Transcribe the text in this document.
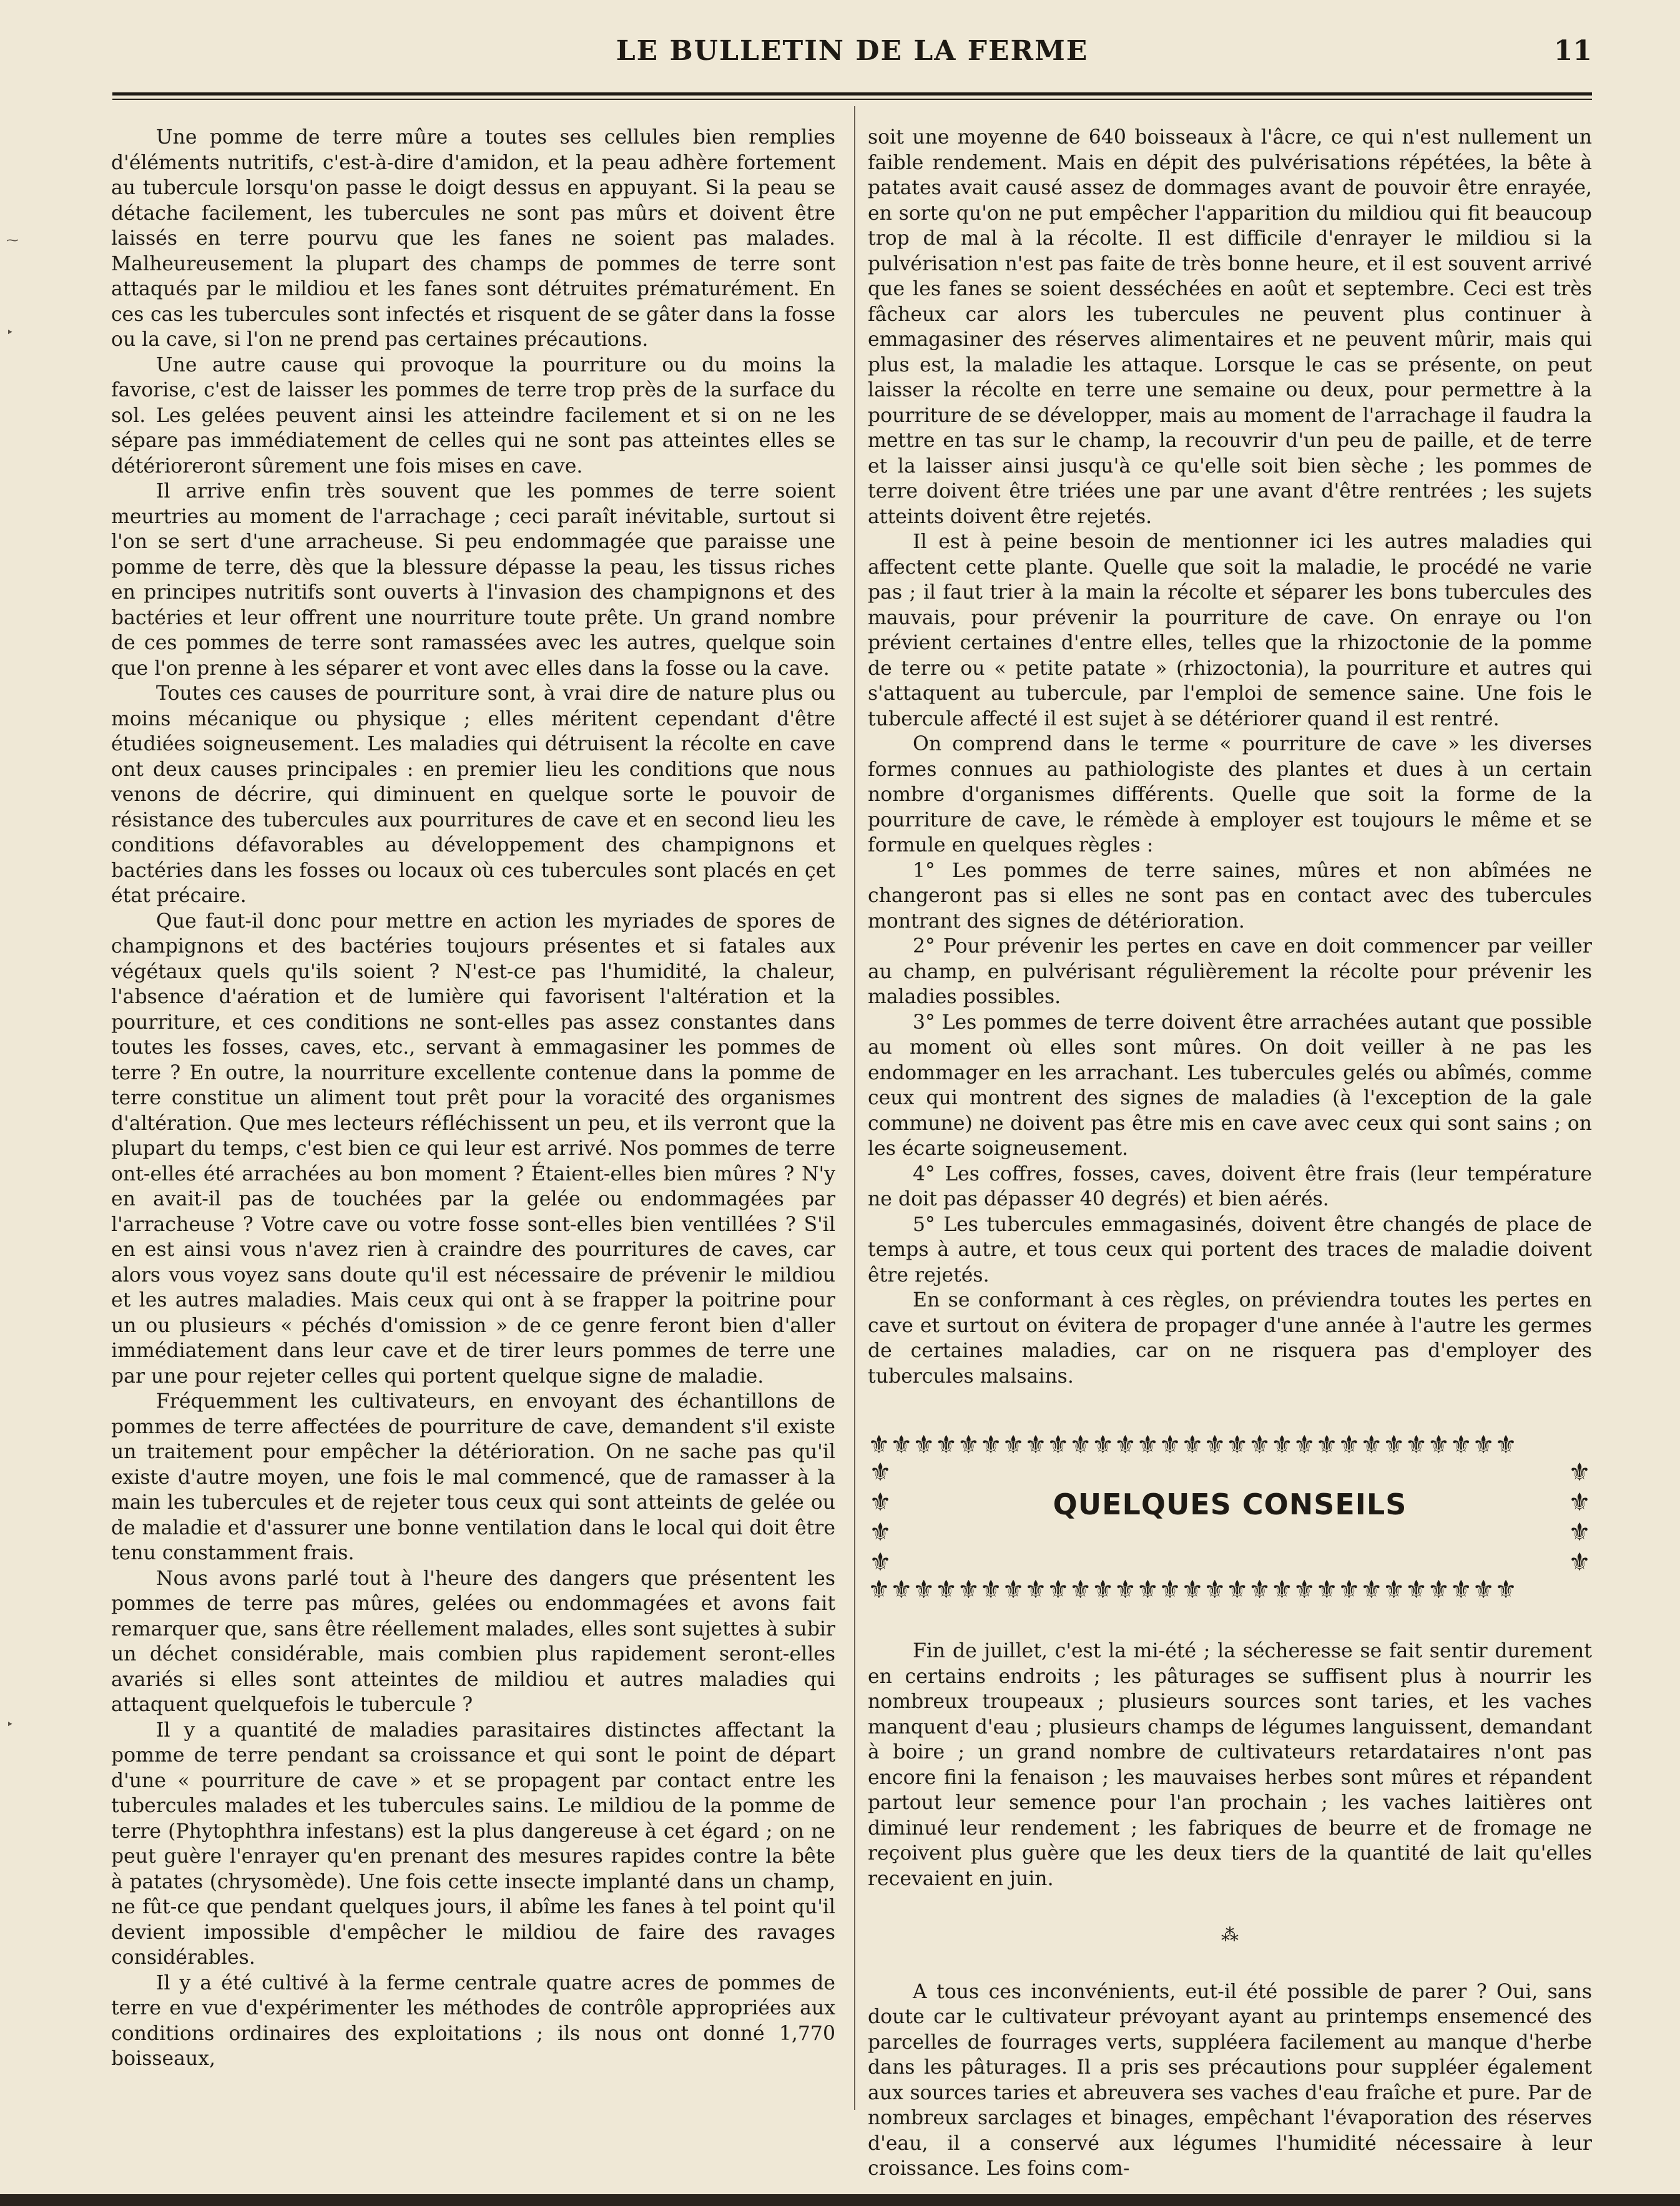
LE BULLETIN DE LA FERME	11

Une pomme de terre mûre a toutes ses cellules bien remplies d'éléments nutritifs, c'est-à-dire d'amidon, et la peau adhère fortement au tubercule lorsqu'on passe le doigt dessus en appuyant. Si la peau se détache facilement, les tubercules ne sont pas mûrs et doivent être laissés en terre pourvu que les fanes ne soient pas malades. Malheureusement la plupart des champs de pommes de terre sont attaqués par le mildiou et les fanes sont détruites prématurément. En ces cas les tubercules sont infectés et risquent de se gâter dans la fosse ou la cave, si l'on ne prend pas certaines précautions.

Une autre cause qui provoque la pourriture ou du moins la favorise, c'est de laisser les pommes de terre trop près de la surface du sol. Les gelées peuvent ainsi les atteindre facilement et si on ne les sépare pas immédiatement de celles qui ne sont pas atteintes elles se détérioreront sûrement une fois mises en cave.

Il arrive enfin très souvent que les pommes de terre soient meurtries au moment de l'arrachage ; ceci paraît inévitable, surtout si l'on se sert d'une arracheuse. Si peu endommagée que paraisse une pomme de terre, dès que la blessure dépasse la peau, les tissus riches en principes nutritifs sont ouverts à l'invasion des champignons et des bactéries et leur offrent une nourriture toute prête. Un grand nombre de ces pommes de terre sont ramassées avec les autres, quelque soin que l'on prenne à les séparer et vont avec elles dans la fosse ou la cave.

Toutes ces causes de pourriture sont, à vrai dire de nature plus ou moins mécanique ou physique ; elles méritent cependant d'être étudiées soigneusement. Les maladies qui détruisent la récolte en cave ont deux causes principales : en premier lieu les conditions que nous venons de décrire, qui diminuent en quelque sorte le pouvoir de résistance des tubercules aux pourritures de cave et en second lieu les conditions défavorables au développement des champignons et bactéries dans les fosses ou locaux où ces tubercules sont placés en çet état précaire.

Que faut-il donc pour mettre en action les myriades de spores de champignons et des bactéries toujours présentes et si fatales aux végétaux quels qu'ils soient ? N'est-ce pas l'humidité, la chaleur, l'absence d'aération et de lumière qui favorisent l'altération et la pourriture, et ces conditions ne sont-elles pas assez constantes dans toutes les fosses, caves, etc., servant à emmagasiner les pommes de terre ? En outre, la nourriture excellente contenue dans la pomme de terre constitue un aliment tout prêt pour la voracité des organismes d'altération. Que mes lecteurs réfléchissent un peu, et ils verront que la plupart du temps, c'est bien ce qui leur est arrivé. Nos pommes de terre ont-elles été arrachées au bon moment ? Étaient-elles bien mûres ? N'y en avait-il pas de touchées par la gelée ou endommagées par l'arracheuse ? Votre cave ou votre fosse sont-elles bien ventillées ? S'il en est ainsi vous n'avez rien à craindre des pourritures de caves, car alors vous voyez sans doute qu'il est nécessaire de prévenir le mildiou et les autres maladies. Mais ceux qui ont à se frapper la poitrine pour un ou plusieurs « péchés d'omission » de ce genre feront bien d'aller immédiatement dans leur cave et de tirer leurs pommes de terre une par une pour rejeter celles qui portent quelque signe de maladie.

Fréquemment les cultivateurs, en envoyant des échantillons de pommes de terre affectées de pourriture de cave, demandent s'il existe un traitement pour empêcher la détérioration. On ne sache pas qu'il existe d'autre moyen, une fois le mal commencé, que de ramasser à la main les tubercules et de rejeter tous ceux qui sont atteints de gelée ou de maladie et d'assurer une bonne ventilation dans le local qui doit être tenu constamment frais.

Nous avons parlé tout à l'heure des dangers que présentent les pommes de terre pas mûres, gelées ou endommagées et avons fait remarquer que, sans être réellement malades, elles sont sujettes à subir un déchet considérable, mais combien plus rapidement seront-elles avariés si elles sont atteintes de mildiou et autres maladies qui attaquent quelquefois le tubercule ?

Il y a quantité de maladies parasitaires distinctes affectant la pomme de terre pendant sa croissance et qui sont le point de départ d'une « pourriture de cave » et se propagent par contact entre les tubercules malades et les tubercules sains. Le mildiou de la pomme de terre (Phytophthra infestans) est la plus dangereuse à cet égard ; on ne peut guère l'enrayer qu'en prenant des mesures rapides contre la bête à patates (chrysomède). Une fois cette insecte implanté dans un champ, ne fût-ce que pendant quelques jours, il abîme les fanes à tel point qu'il devient impossible d'empêcher le mildiou de faire des ravages considérables.

Il y a été cultivé à la ferme centrale quatre acres de pommes de terre en vue d'expérimenter les méthodes de contrôle appropriées aux conditions ordinaires des exploitations ; ils nous ont donné 1,770 boisseaux,

soit une moyenne de 640 boisseaux à l'âcre, ce qui n'est nullement un faible rendement. Mais en dépit des pulvérisations répétées, la bête à patates avait causé assez de dommages avant de pouvoir être enrayée, en sorte qu'on ne put empêcher l'apparition du mildiou qui fit beaucoup trop de mal à la récolte. Il est difficile d'enrayer le mildiou si la pulvérisation n'est pas faite de très bonne heure, et il est souvent arrivé que les fanes se soient desséchées en août et septembre. Ceci est très fâcheux car alors les tubercules ne peuvent plus continuer à emmagasiner des réserves alimentaires et ne peuvent mûrir, mais qui plus est, la maladie les attaque. Lorsque le cas se présente, on peut laisser la récolte en terre une semaine ou deux, pour permettre à la pourriture de se développer, mais au moment de l'arrachage il faudra la mettre en tas sur le champ, la recouvrir d'un peu de paille, et de terre et la laisser ainsi jusqu'à ce qu'elle soit bien sèche ; les pommes de terre doivent être triées une par une avant d'être rentrées ; les sujets atteints doivent être rejetés.

Il est à peine besoin de mentionner ici les autres maladies qui affectent cette plante. Quelle que soit la maladie, le procédé ne varie pas ; il faut trier à la main la récolte et séparer les bons tubercules des mauvais, pour prévenir la pourriture de cave. On enraye ou l'on prévient certaines d'entre elles, telles que la rhizoctonie de la pomme de terre ou « petite patate » (rhizoctonia), la pourriture et autres qui s'attaquent au tubercule, par l'emploi de semence saine. Une fois le tubercule affecté il est sujet à se détériorer quand il est rentré.

On comprend dans le terme « pourriture de cave » les diverses formes connues au pathiologiste des plantes et dues à un certain nombre d'organismes différents. Quelle que soit la forme de la pourriture de cave, le rémède à employer est toujours le même et se formule en quelques règles :

1° Les pommes de terre saines, mûres et non abîmées ne changeront pas si elles ne sont pas en contact avec des tubercules montrant des signes de détérioration.

2° Pour prévenir les pertes en cave en doit commencer par veiller au champ, en pulvérisant régulièrement la récolte pour prévenir les maladies possibles.

3° Les pommes de terre doivent être arrachées autant que possible au moment où elles sont mûres. On doit veiller à ne pas les endommager en les arrachant. Les tubercules gelés ou abîmés, comme ceux qui montrent des signes de maladies (à l'exception de la gale commune) ne doivent pas être mis en cave avec ceux qui sont sains ; on les écarte soigneusement.

4° Les coffres, fosses, caves, doivent être frais (leur température ne doit pas dépasser 40 degrés) et bien aérés.

5° Les tubercules emmagasinés, doivent être changés de place de temps à autre, et tous ceux qui portent des traces de maladie doivent être rejetés.

En se conformant à ces règles, on préviendra toutes les pertes en cave et surtout on évitera de propager d'une année à l'autre les germes de certaines maladies, car on ne risquera pas d'employer des tubercules malsains.

⚜⚜⚜⚜⚜⚜⚜⚜⚜⚜⚜⚜⚜⚜⚜⚜⚜⚜⚜⚜⚜⚜⚜⚜⚜⚜⚜⚜⚜
⚜
⚜
⚜
⚜
⚜
⚜
⚜
⚜
⚜⚜⚜⚜⚜⚜⚜⚜⚜⚜⚜⚜⚜⚜⚜⚜⚜⚜⚜⚜⚜⚜⚜⚜⚜⚜⚜⚜⚜
QUELQUES CONSEILS

Fin de juillet, c'est la mi-été ; la sécheresse se fait sentir durement en certains endroits ; les pâturages se suffisent plus à nourrir les nombreux troupeaux ; plusieurs sources sont taries, et les vaches manquent d'eau ; plusieurs champs de légumes languissent, demandant à boire ; un grand nombre de cultivateurs retardataires n'ont pas encore fini la fenaison ; les mauvaises herbes sont mûres et répandent partout leur semence pour l'an prochain ; les vaches laitières ont diminué leur rendement ; les fabriques de beurre et de fromage ne reçoivent plus guère que les deux tiers de la quantité de lait qu'elles recevaient en juin.

⁂

A tous ces inconvénients, eut-il été possible de parer ? Oui, sans doute car le cultivateur prévoyant ayant au printemps ensemencé des parcelles de fourrages verts, suppléera facilement au manque d'herbe dans les pâturages. Il a pris ses précautions pour suppléer également aux sources taries et abreuvera ses vaches d'eau fraîche et pure. Par de nombreux sarclages et binages, empêchant l'évaporation des réserves d'eau, il a conservé aux légumes l'humidité nécessaire à leur croissance. Les foins com-

⁓
‣
‣
